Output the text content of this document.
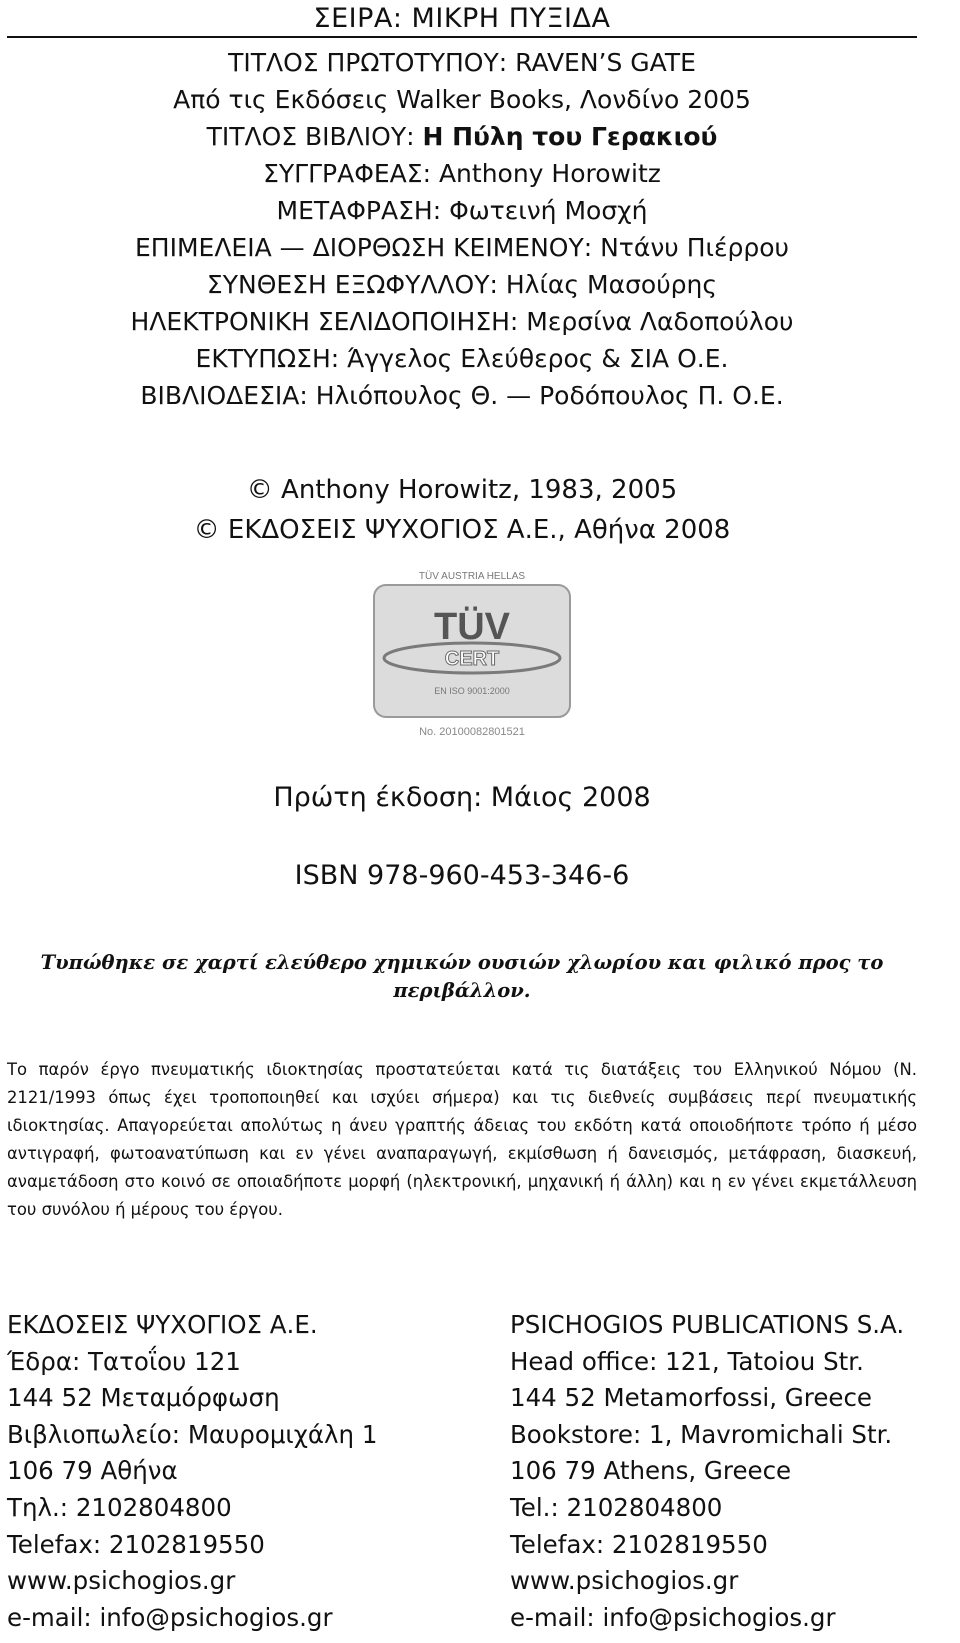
ΣΕΙΡΑ: ΜΙΚΡΗ ΠΥΞΙΔΑ
ΤΙΤΛΟΣ ΠΡΩΤΟΤΥΠΟΥ: RAVEN’S GATE
Από τις Εκδόσεις Walker Books, Λονδίνο 2005
ΤΙΤΛΟΣ ΒΙΒΛΙΟΥ: Η Πύλη του Γερακιού
ΣΥΓΓΡΑΦΕΑΣ: Anthony Horowitz
ΜΕΤΑΦΡΑΣΗ: Φωτεινή Μοσχή
ΕΠΙΜΕΛΕΙΑ — ΔΙΟΡΘΩΣΗ ΚΕΙΜΕΝΟΥ: Ντάνυ Πιέρρου
ΣΥΝΘΕΣΗ ΕΞΩΦΥΛΛΟΥ: Ηλίας Μασούρης
ΗΛΕΚΤΡΟΝΙΚΗ ΣΕΛΙΔΟΠΟΙΗΣΗ: Μερσίνα Λαδοπούλου
ΕΚΤΥΠΩΣΗ: Άγγελος Ελεύθερος & ΣΙΑ Ο.Ε.
ΒΙΒΛΙΟΔΕΣΙΑ: Ηλιόπουλος Θ. — Ροδόπουλος Π. Ο.Ε.
© Anthony Horowitz, 1983, 2005
© ΕΚΔΟΣΕΙΣ ΨΥΧΟΓΙΟΣ Α.Ε., Αθήνα 2008
TÜV AUSTRIA HELLAS
TÜV
CERT
EN ISO 9001:2000
No. 20100082801521
Πρώτη έκδοση: Μάιος 2008
ISBN 978-960-453-346-6
Τυπώθηκε σε χαρτί ελεύθερο χημικών ουσιών χλωρίου και φιλικό προς το περιβάλλον.
Το παρόν έργο πνευματικής ιδιοκτησίας προστατεύεται κατά τις διατάξεις του Ελληνικού Νόμου (Ν. 2121/1993 όπως έχει τροποποιηθεί και ισχύει σήμερα) και τις διεθνείς συμβάσεις περί πνευματικής ιδιοκτησίας. Απαγορεύεται απολύτως η άνευ γραπτής άδειας του εκδότη κατά οποιοδήποτε τρόπο ή μέσο αντιγραφή, φωτοανατύπωση και εν γένει αναπαραγωγή, εκμίσθωση ή δανεισμός, μετάφραση, διασκευή, αναμετάδοση στο κοινό σε οποιαδήποτε μορφή (ηλεκτρονική, μηχανική ή άλλη) και η εν γένει εκμετάλλευση του συνόλου ή μέρους του έργου.
ΕΚΔΟΣΕΙΣ ΨΥΧΟΓΙΟΣ Α.Ε.
Έδρα: Τατοΐου 121
144 52 Μεταμόρφωση
Βιβλιοπωλείο: Μαυρομιχάλη 1
106 79 Αθήνα
Τηλ.: 2102804800
Telefax: 2102819550
www.psichogios.gr
e-mail: info@psichogios.gr
PSICHOGIOS PUBLICATIONS S.A.
Head office: 121, Tatoiou Str.
144 52 Metamorfossi, Greece
Bookstore: 1, Mavromichali Str.
106 79 Athens, Greece
Tel.: 2102804800
Telefax: 2102819550
www.psichogios.gr
e-mail: info@psichogios.gr
